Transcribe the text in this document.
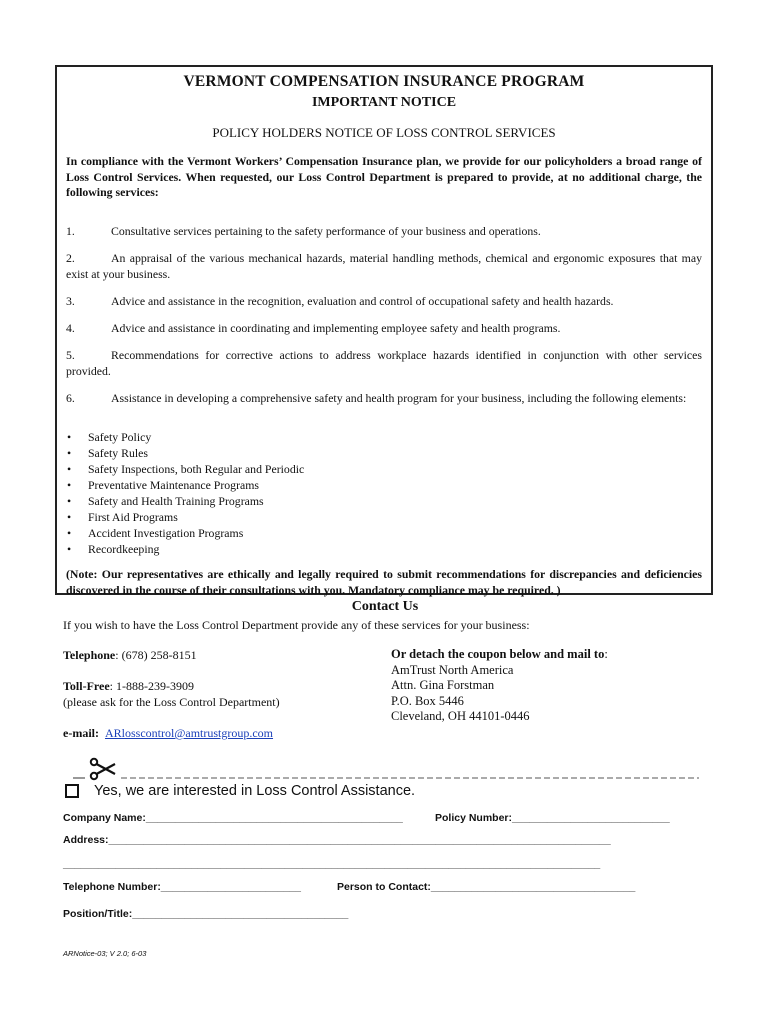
VERMONT COMPENSATION INSURANCE PROGRAM
IMPORTANT NOTICE
POLICY HOLDERS NOTICE OF LOSS CONTROL SERVICES
In compliance with the Vermont Workers’ Compensation Insurance plan, we provide for our policyholders a broad range of Loss Control Services. When requested, our Loss Control Department is prepared to provide, at no additional charge, the following services:
1.	Consultative services pertaining to the safety performance of your business and operations.
2.	An appraisal of the various mechanical hazards, material handling methods, chemical and ergonomic exposures that may exist at your business.
3.	Advice and assistance in the recognition, evaluation and control of occupational safety and health hazards.
4.	Advice and assistance in coordinating and implementing employee safety and health programs.
5.	Recommendations for corrective actions to address workplace hazards identified in conjunction with other services provided.
6.	Assistance in developing a comprehensive safety and health program for your business, including the following elements:
• Safety Policy
• Safety Rules
• Safety Inspections, both Regular and Periodic
• Preventative Maintenance Programs
• Safety and Health Training Programs
• First Aid Programs
• Accident Investigation Programs
• Recordkeeping
(Note: Our representatives are ethically and legally required to submit recommendations for discrepancies and deficiencies discovered in the course of their consultations with you. Mandatory compliance may be required. )
Contact Us
If you wish to have the Loss Control Department provide any of these services for your business:
Telephone: (678) 258-8151
Toll-Free: 1-888-239-3909
(please ask for the Loss Control Department)
e-mail: ARlosscontrol@amtrustgroup.com
Or detach the coupon below and mail to:
AmTrust North America
Attn. Gina Forstman
P.O. Box 5446
Cleveland, OH 44101-0446
Yes, we are interested in Loss Control Assistance.
Company Name:____________________________________________	Policy Number:___________________________
Address:______________________________________________________________________________________
____________________________________________________________________________________________
Telephone Number:________________________	Person to Contact:___________________________________
Position/Title:_____________________________________
ARNotice-03; V 2.0; 6-03
